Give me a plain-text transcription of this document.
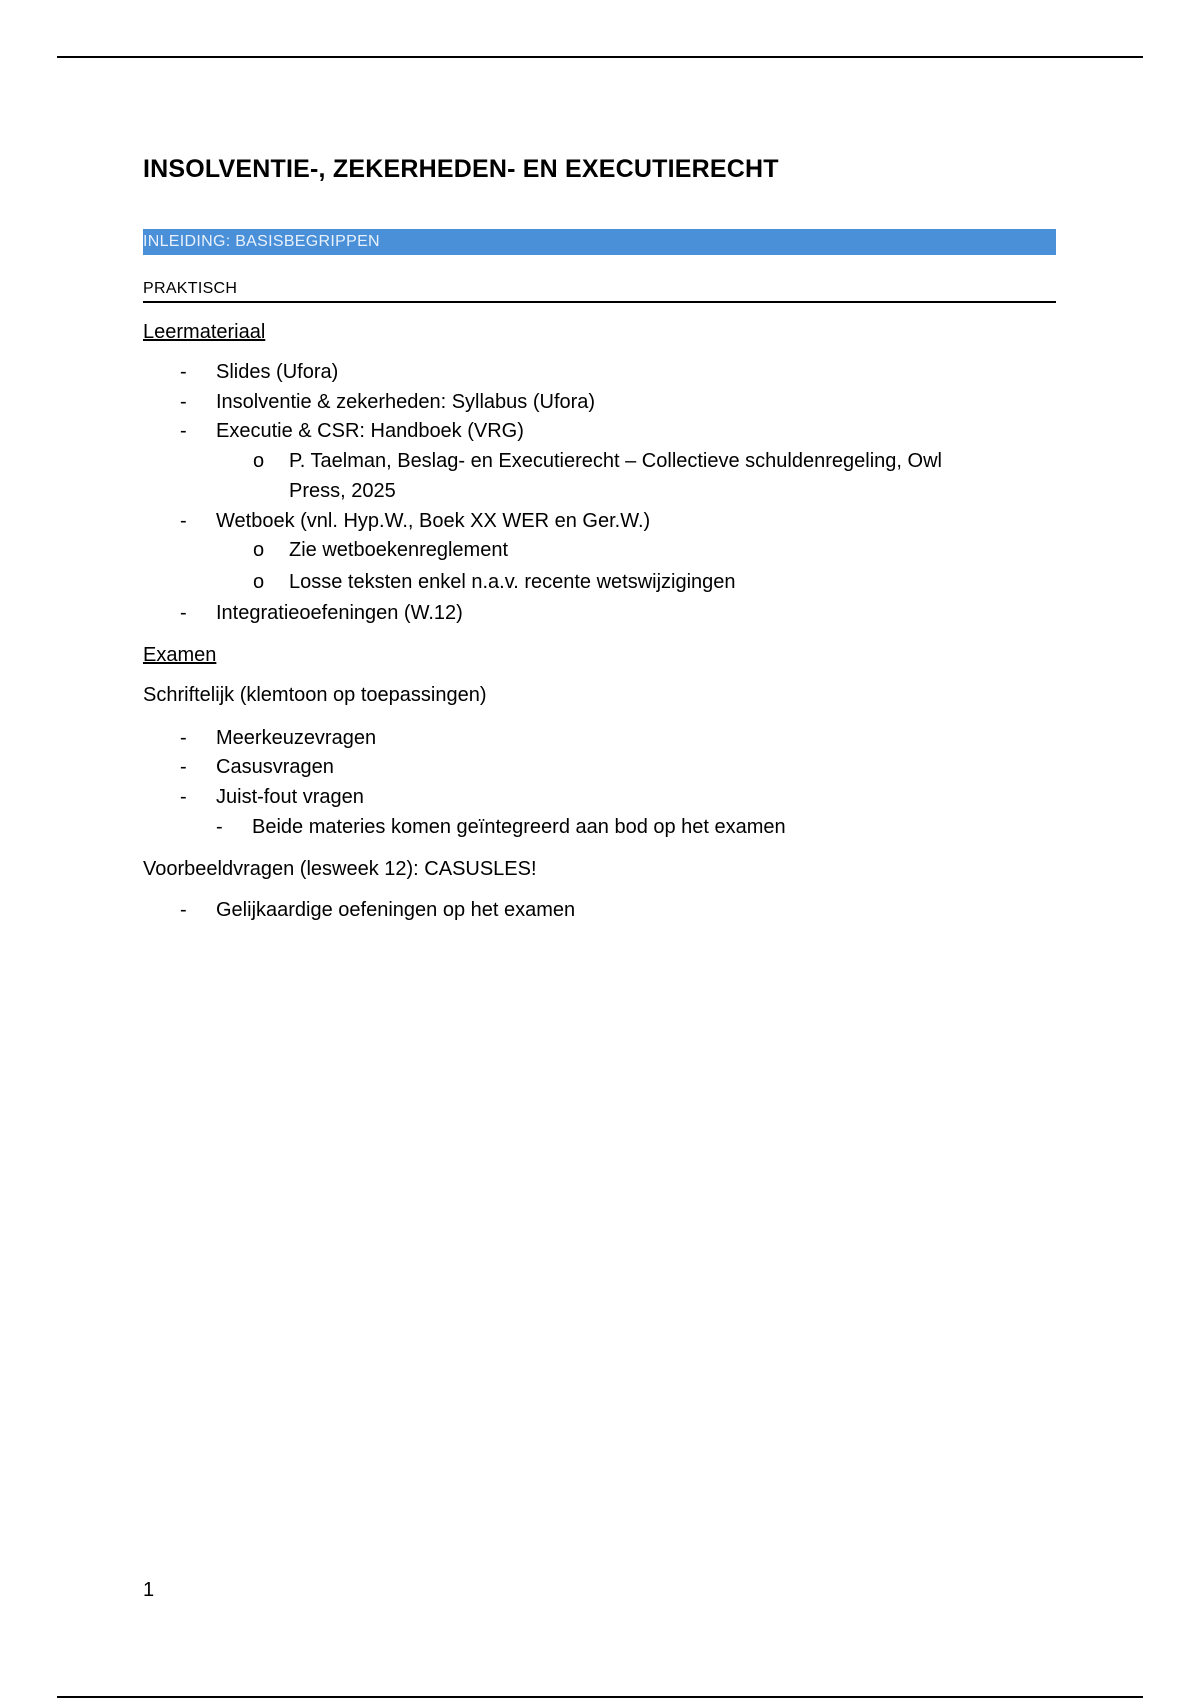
INSOLVENTIE-, ZEKERHEDEN- EN EXECUTIERECHT
INLEIDING: BASISBEGRIPPEN
PRAKTISCH
Leermateriaal
- Slides (Ufora)
- Insolventie & zekerheden: Syllabus (Ufora)
- Executie & CSR: Handboek (VRG)
o P. Taelman, Beslag- en Executierecht – Collectieve schuldenregeling, Owl
Press, 2025
- Wetboek (vnl. Hyp.W., Boek XX WER en Ger.W.)
o Zie wetboekenreglement
o Losse teksten enkel n.a.v. recente wetswijzigingen
- Integratieoefeningen (W.12)
Examen
Schriftelijk (klemtoon op toepassingen)
- Meerkeuzevragen
- Casusvragen
- Juist-fout vragen
- Beide materies komen geïntegreerd aan bod op het examen
Voorbeeldvragen (lesweek 12): CASUSLES!
- Gelijkaardige oefeningen op het examen
1
